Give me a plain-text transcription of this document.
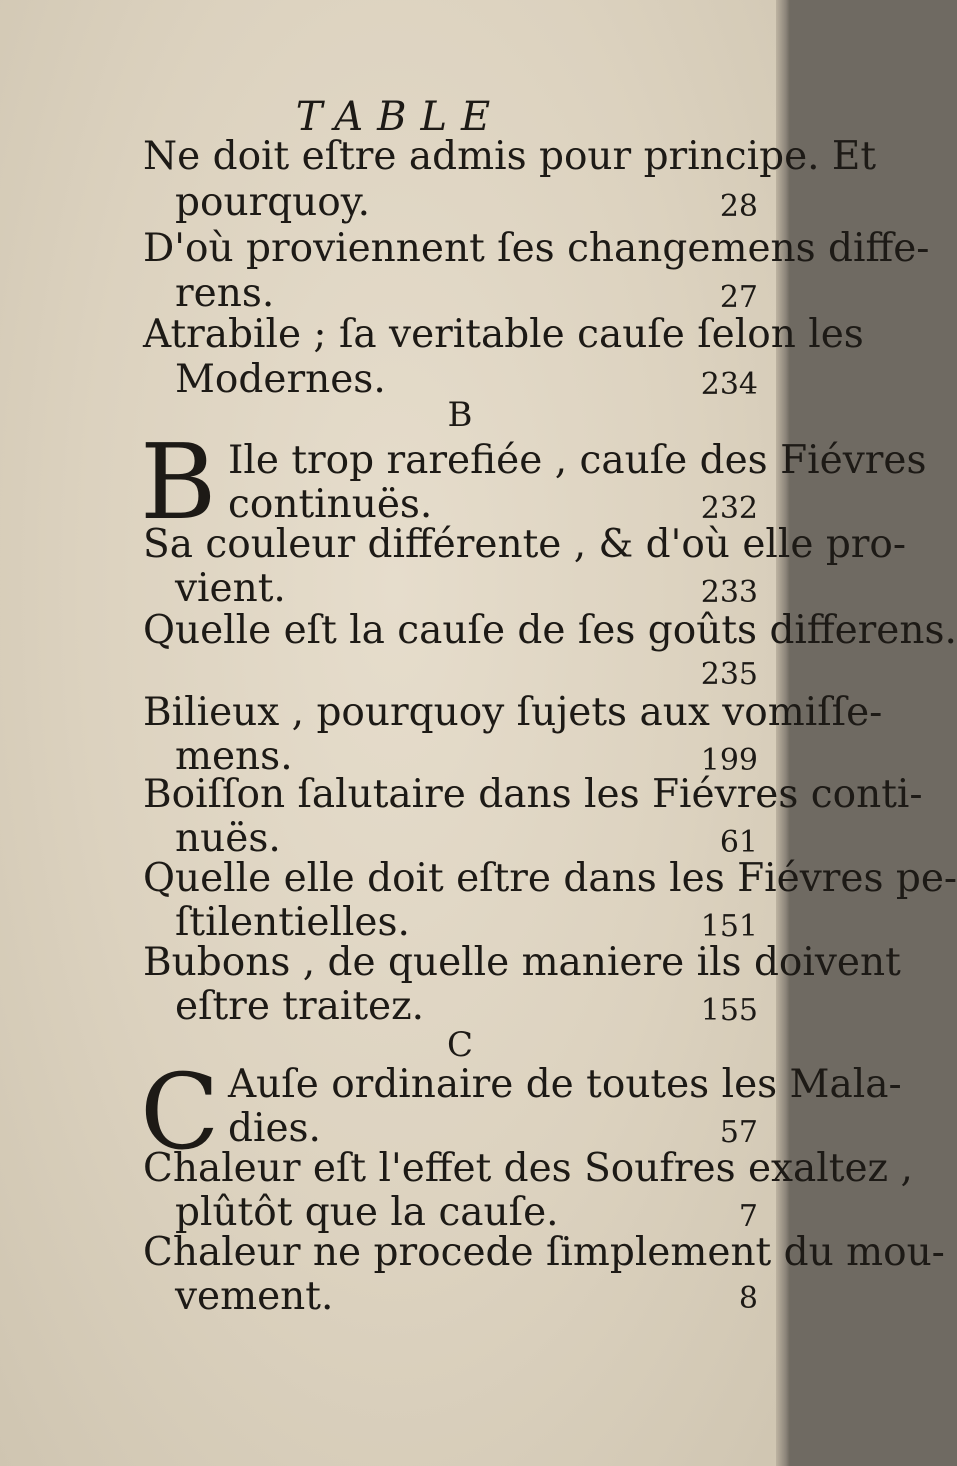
TABLE
Ne doit eſtre admis pour principe. Et
pourquoy.	28
D'où proviennent ſes changemens diffe-
rens.	27
Atrabile ; ſa veritable cauſe ſelon les
Modernes.	234
B
B Ile trop rarefiée , cauſe des Fiévres
continuës.	232
Sa couleur différente , & d'où elle pro-
vient.	233
Quelle eſt la cauſe de ſes goûts differens.
235
Bilieux , pourquoy ſujets aux vomiſſe-
mens.	199
Boiſſon ſalutaire dans les Fiévres conti-
nuës.	61
Quelle elle doit eſtre dans les Fiévres pe-
ſtilentielles.	151
Bubons , de quelle maniere ils doivent
eſtre traitez.	155
C
C Auſe ordinaire de toutes les Mala-
dies.	57
Chaleur eſt l'effet des Soufres exaltez ,
plûtôt que la cauſe.	7
Chaleur ne procede ſimplement du mou-
vement.	8
